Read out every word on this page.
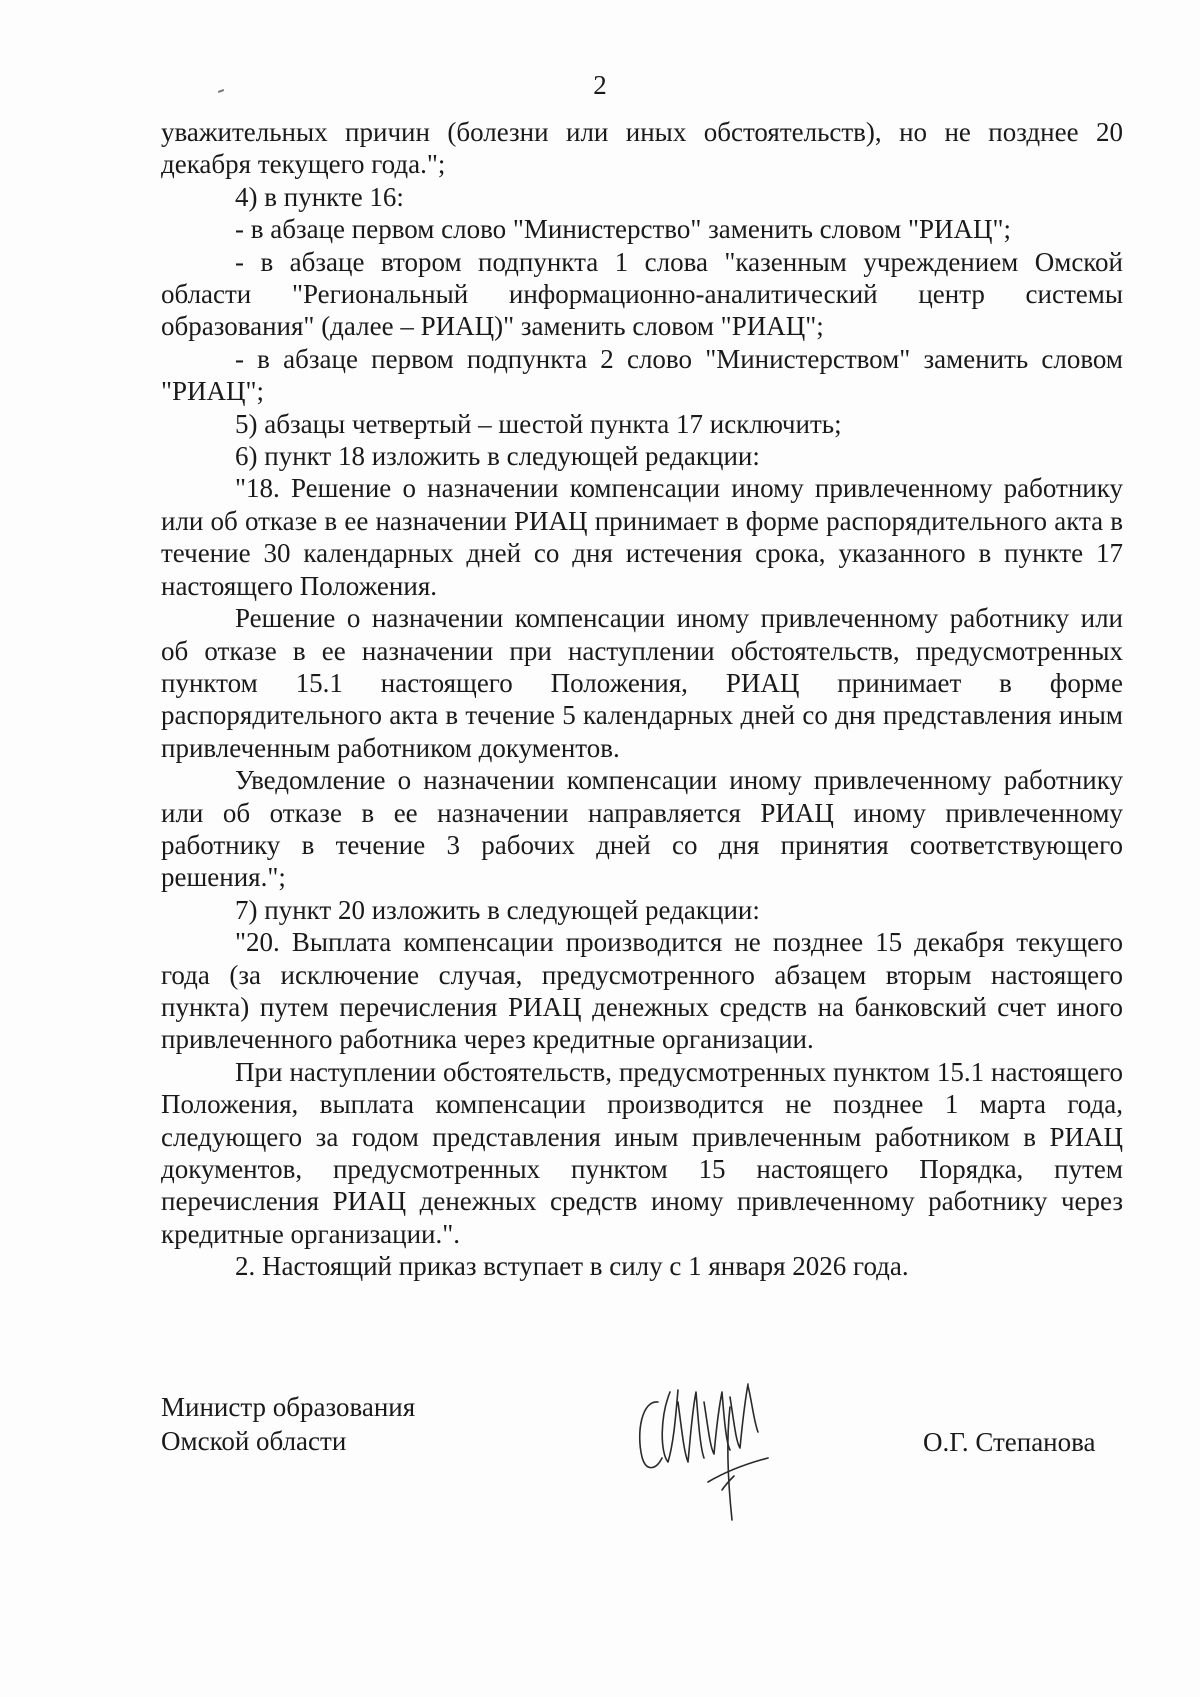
2

уважительных причин (болезни или иных обстоятельств), но не позднее 20 декабря текущего года.";

4) в пункте 16:

- в абзаце первом слово "Министерство" заменить словом "РИАЦ";

- в абзаце втором подпункта 1 слова "казенным учреждением Омской области "Региональный информационно-аналитический центр системы образования" (далее – РИАЦ)" заменить словом "РИАЦ";

- в абзаце первом подпункта 2 слово "Министерством" заменить словом "РИАЦ";

5) абзацы четвертый – шестой пункта 17 исключить;

6) пункт 18 изложить в следующей редакции:

"18. Решение о назначении компенсации иному привлеченному работнику или об отказе в ее назначении РИАЦ принимает в форме распорядительного акта в течение 30 календарных дней со дня истечения срока, указанного в пункте 17 настоящего Положения.

Решение о назначении компенсации иному привлеченному работнику или об отказе в ее назначении при наступлении обстоятельств, предусмотренных пунктом 15.1 настоящего Положения, РИАЦ принимает в форме распорядительного акта в течение 5 календарных дней со дня представления иным привлеченным работником документов.

Уведомление о назначении компенсации иному привлеченному работнику или об отказе в ее назначении направляется РИАЦ иному привлеченному работнику в течение 3 рабочих дней со дня принятия соответствующего решения.";

7) пункт 20 изложить в следующей редакции:

"20. Выплата компенсации производится не позднее 15 декабря текущего года (за исключение случая, предусмотренного абзацем вторым настоящего пункта) путем перечисления РИАЦ денежных средств на банковский счет иного привлеченного работника через кредитные организации.

При наступлении обстоятельств, предусмотренных пунктом 15.1 настоящего Положения, выплата компенсации производится не позднее 1 марта года, следующего за годом представления иным привлеченным работником в РИАЦ документов, предусмотренных пунктом 15 настоящего Порядка, путем перечисления РИАЦ денежных средств иному привлеченному работнику через кредитные организации.".

2. Настоящий приказ вступает в силу с 1 января 2026 года.

Министр образования
Омской области	О.Г. Степанова
